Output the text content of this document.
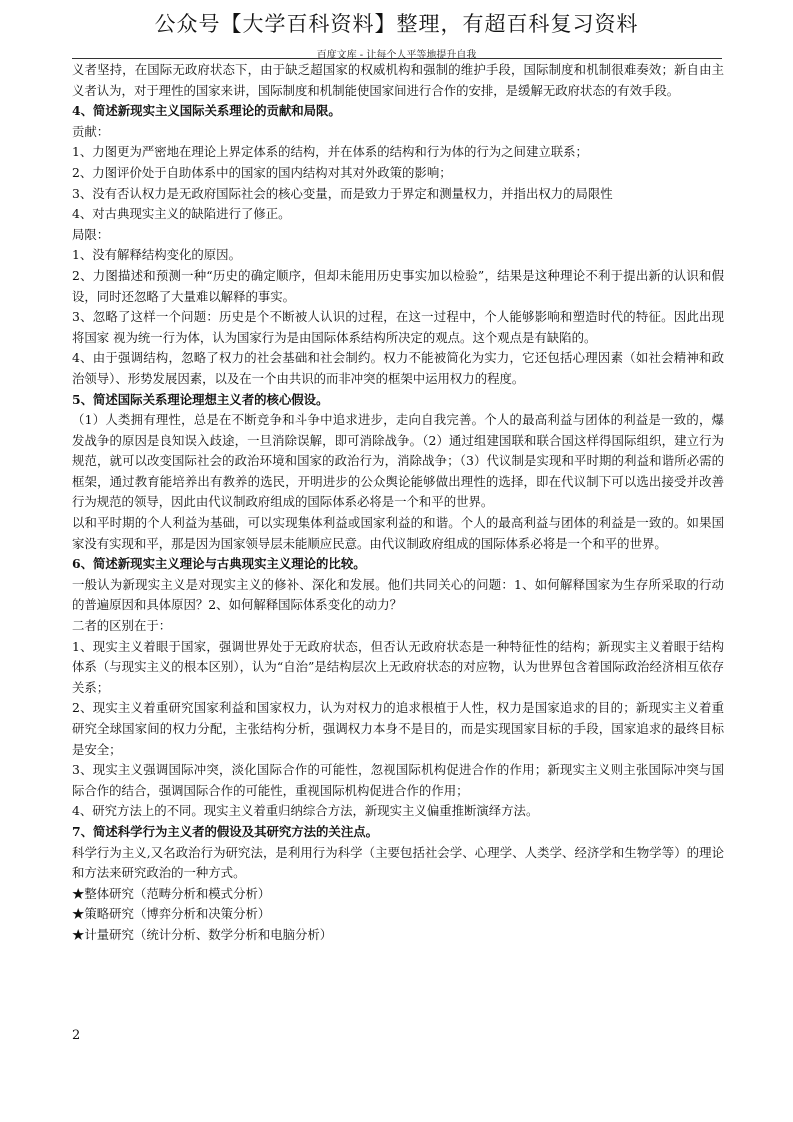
公众号【大学百科资料】整理，有超百科复习资料
百度文库 - 让每个人平等地提升自我

义者坚持，在国际无政府状态下，由于缺乏超国家的权威机构和强制的维护手段，国际制度和机制很难奏效；新自由主义者认为，对于理性的国家来讲，国际制度和机制能使国家间进行合作的安排，是缓解无政府状态的有效手段。

4、简述新现实主义国际关系理论的贡献和局限。

贡献：

1、力图更为严密地在理论上界定体系的结构，并在体系的结构和行为体的行为之间建立联系；

2、力图评价处于自助体系中的国家的国内结构对其对外政策的影响；

3、没有否认权力是无政府国际社会的核心变量，而是致力于界定和测量权力，并指出权力的局限性

4、对古典现实主义的缺陷进行了修正。

局限：

1、没有解释结构变化的原因。

2、力图描述和预测一种“历史的确定顺序，但却未能用历史事实加以检验”，结果是这种理论不利于提出新的认识和假设，同时还忽略了大量难以解释的事实。

3、忽略了这样一个问题：历史是个不断被人认识的过程，在这一过程中，个人能够影响和塑造时代的特征。因此出现将国家 视为统一行为体，认为国家行为是由国际体系结构所决定的观点。这个观点是有缺陷的。

4、由于强调结构，忽略了权力的社会基础和社会制约。权力不能被简化为实力，它还包括心理因素（如社会精神和政治领导）、形势发展因素，以及在一个由共识的而非冲突的框架中运用权力的程度。

5、简述国际关系理论理想主义者的核心假设。

（1）人类拥有理性，总是在不断竞争和斗争中追求进步，走向自我完善。个人的最高利益与团体的利益是一致的，爆发战争的原因是良知误入歧途，一旦消除误解，即可消除战争。（2）通过组建国联和联合国这样得国际组织，建立行为规范，就可以改变国际社会的政治环境和国家的政治行为，消除战争；（3）代议制是实现和平时期的利益和谐所必需的框架，通过教育能培养出有教养的选民，开明进步的公众舆论能够做出理性的选择，即在代议制下可以选出接受并改善行为规范的领导，因此由代议制政府组成的国际体系必将是一个和平的世界。

以和平时期的个人利益为基础，可以实现集体利益或国家利益的和谐。个人的最高利益与团体的利益是一致的。如果国家没有实现和平，那是因为国家领导层未能顺应民意。由代议制政府组成的国际体系必将是一个和平的世界。

6、简述新现实主义理论与古典现实主义理论的比较。

一般认为新现实主义是对现实主义的修补、深化和发展。他们共同关心的问题：1、如何解释国家为生存所采取的行动的普遍原因和具体原因？2、如何解释国际体系变化的动力？

二者的区别在于：

1、现实主义着眼于国家，强调世界处于无政府状态，但否认无政府状态是一种特征性的结构；新现实主义着眼于结构体系（与现实主义的根本区别），认为“自治”是结构层次上无政府状态的对应物，认为世界包含着国际政治经济相互依存关系；

2、现实主义着重研究国家利益和国家权力，认为对权力的追求根植于人性，权力是国家追求的目的；新现实主义着重研究全球国家间的权力分配，主张结构分析，强调权力本身不是目的，而是实现国家目标的手段，国家追求的最终目标是安全；

3、现实主义强调国际冲突，淡化国际合作的可能性，忽视国际机构促进合作的作用；新现实主义则主张国际冲突与国际合作的结合，强调国际合作的可能性，重视国际机构促进合作的作用；

4、研究方法上的不同。现实主义着重归纳综合方法，新现实主义偏重推断演绎方法。

7、简述科学行为主义者的假设及其研究方法的关注点。

科学行为主义,又名政治行为研究法，是利用行为科学（主要包括社会学、心理学、人类学、经济学和生物学等）的理论和方法来研究政治的一种方式。

★整体研究（范畴分析和模式分析）

★策略研究（博弈分析和决策分析）

★计量研究（统计分析、数学分析和电脑分析）

2
